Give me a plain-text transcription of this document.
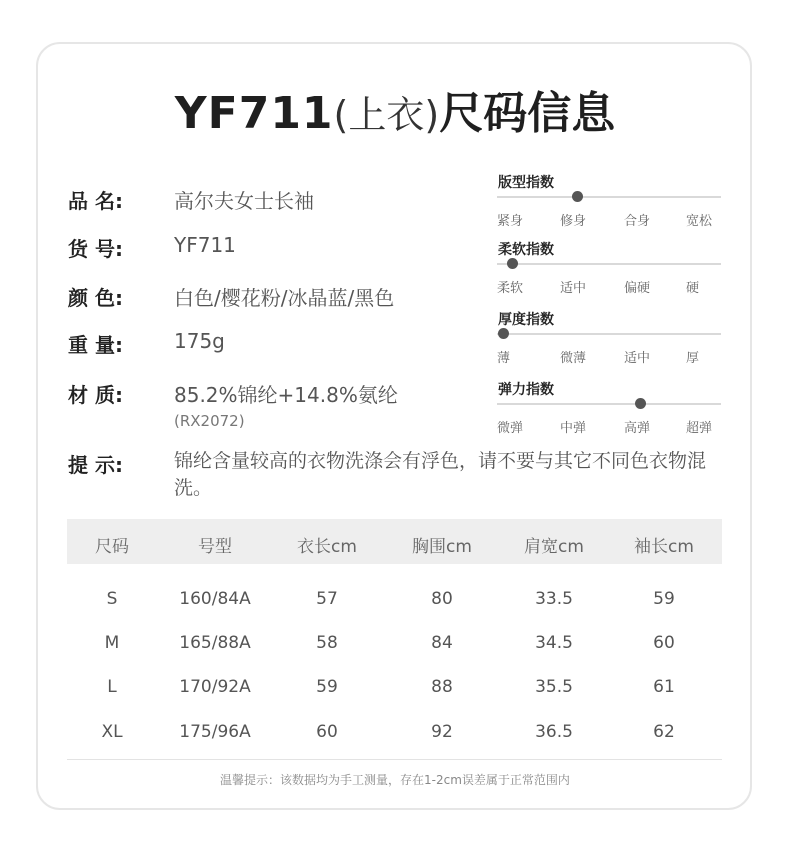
YF711(上衣)尺码信息
品 名:	高尔夫女士长袖
货 号:	YF711
颜 色:	白色/樱花粉/冰晶蓝/黑色
重 量:	175g
材 质:	85.2%锦纶+14.8%氨纶
(RX2072)
提 示:	锦纶含量较高的衣物洗涤会有浮色，请不要与其它不同色衣物混洗。
版型指数
紧身	修身	合身	宽松
柔软指数
柔软	适中	偏硬	硬
厚度指数
薄	微薄	适中	厚
弹力指数
微弹	中弹	高弹	超弹
尺码	号型	衣长cm	胸围cm	肩宽cm	袖长cm
S	160/84A	57	80	33.5	59
M	165/88A	58	84	34.5	60
L	170/92A	59	88	35.5	61
XL	175/96A	60	92	36.5	62
温馨提示：该数据均为手工测量，存在1-2cm误差属于正常范围内
